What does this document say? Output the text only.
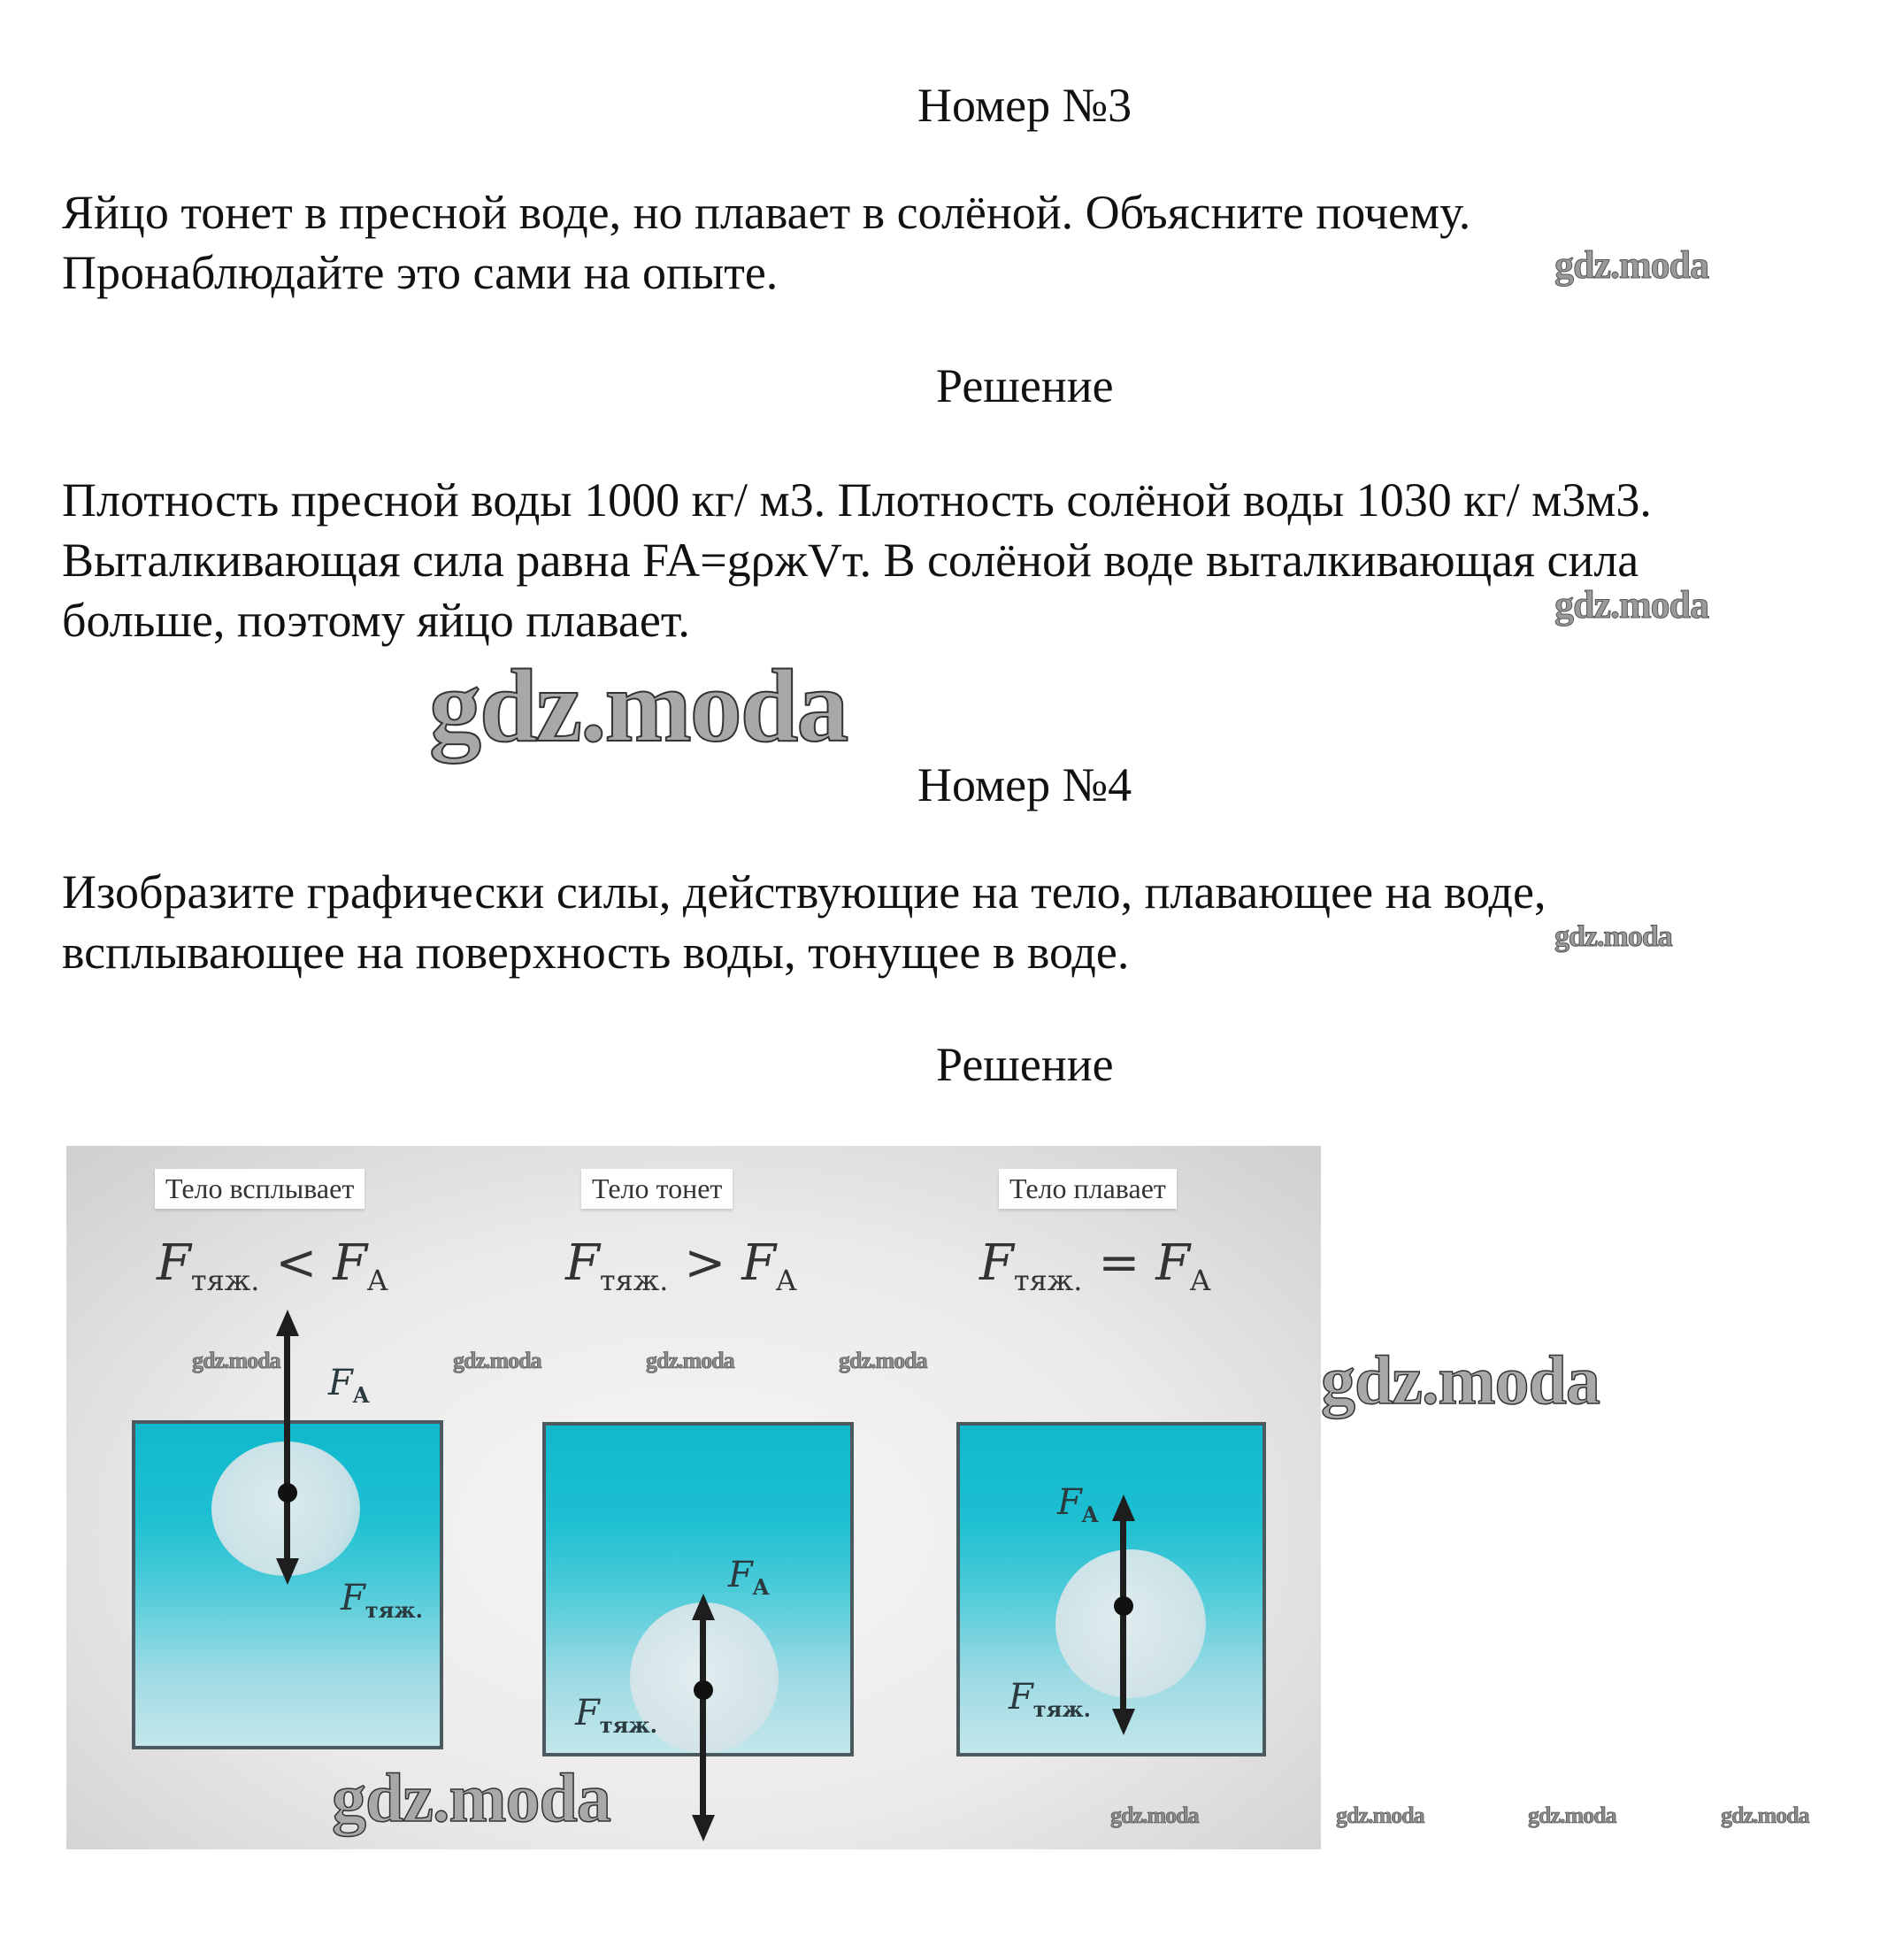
Номер №3
Яйцо тонет в пресной воде, но плавает в солёной. Объясните почему.
Пронаблюдайте это сами на опыте.	gdz.moda
Решение
Плотность пресной воды 1000 кг/ м3. Плотность солёной воды 1030 кг/ м3м3.
Выталкивающая сила равна FA=gρжVт. В солёной воде выталкивающая сила
больше, поэтому яйцо плавает.	gdz.moda
gdz.moda
Номер №4
Изобразите графически силы, действующие на тело, плавающее на воде,
всплывающее на поверхность воды, тонущее в воде.	gdz.moda
Решение
Тело всплывает
$F_{тяж.} < F_A$
$F_A$
$F_{тяж.}$
Тело тонет
$F_{тяж.} > F_A$
$F_A$
$F_{тяж.}$
Тело плавает
$F_{тяж.} = F_A$
$F_A$
$F_{тяж.}$
gdz.moda	gdz.moda	gdz.moda	gdz.moda
gdz.moda
gdz.moda
gdz.moda
gdz.moda	gdz.moda	gdz.moda
